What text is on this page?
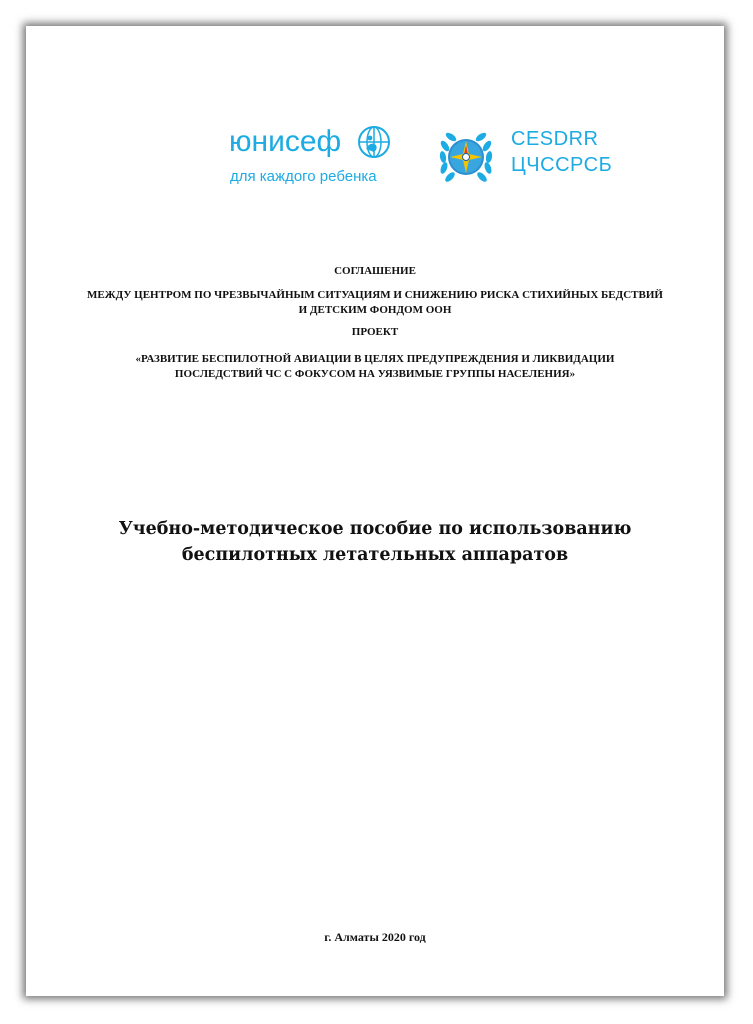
юнисеф
для каждого ребенка
CESDRR
ЦЧССРСБ
СОГЛАШЕНИЕ
МЕЖДУ ЦЕНТРОМ ПО ЧРЕЗВЫЧАЙНЫМ СИТУАЦИЯМ И СНИЖЕНИЮ РИСКА СТИХИЙНЫХ БЕДСТВИЙ И ДЕТСКИМ ФОНДОМ ООН
ПРОЕКТ
«РАЗВИТИЕ БЕСПИЛОТНОЙ АВИАЦИИ В ЦЕЛЯХ ПРЕДУПРЕЖДЕНИЯ И ЛИКВИДАЦИИ ПОСЛЕДСТВИЙ ЧС С ФОКУСОМ НА УЯЗВИМЫЕ ГРУППЫ НАСЕЛЕНИЯ»
Учебно-методическое пособие по использованию беспилотных летательных аппаратов
г. Алматы 2020 год
